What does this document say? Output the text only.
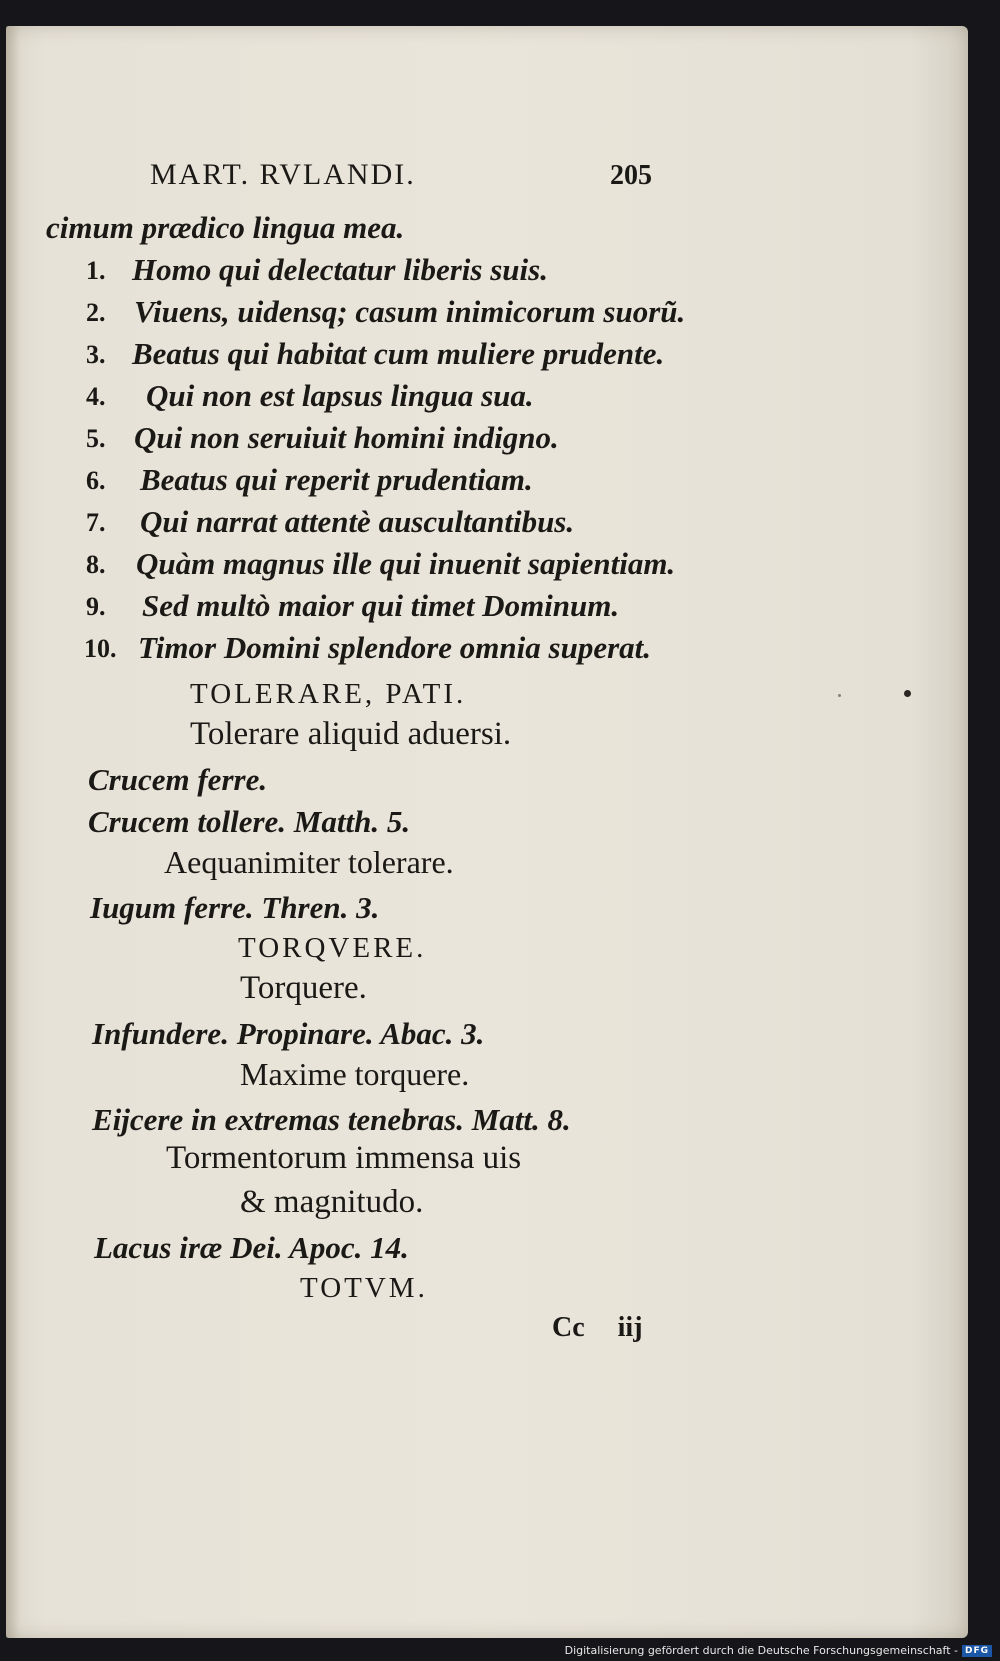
MART. RVLANDI.	205
cimum prædico lingua mea.
1. Homo qui delectatur liberis suis.
2. Viuens, uidensq; casum inimicorum suorũ.
3. Beatus qui habitat cum muliere prudente.
4. Qui non est lapsus lingua sua.
5. Qui non seruiuit homini indigno.
6. Beatus qui reperit prudentiam.
7. Qui narrat attentè auscultantibus.
8. Quàm magnus ille qui inuenit sapientiam.
9. Sed multò maior qui timet Dominum.
10. Timor Domini splendore omnia superat.
TOLERARE, PATI.
Tolerare aliquid aduersi.
Crucem ferre.
Crucem tollere. Matth. 5.
Aequanimiter tolerare.
Iugum ferre. Thren. 3.
TORQVERE.
Torquere.
Infundere. Propinare. Abac. 3.
Maxime torquere.
Eijcere in extremas tenebras. Matt. 8.
Tormentorum immensa uis
& magnitudo.
Lacus iræ Dei. Apoc. 14.
TOTVM.
Cc iij
Digitalisierung gefördert durch die Deutsche Forschungsgemeinschaft - DFG
